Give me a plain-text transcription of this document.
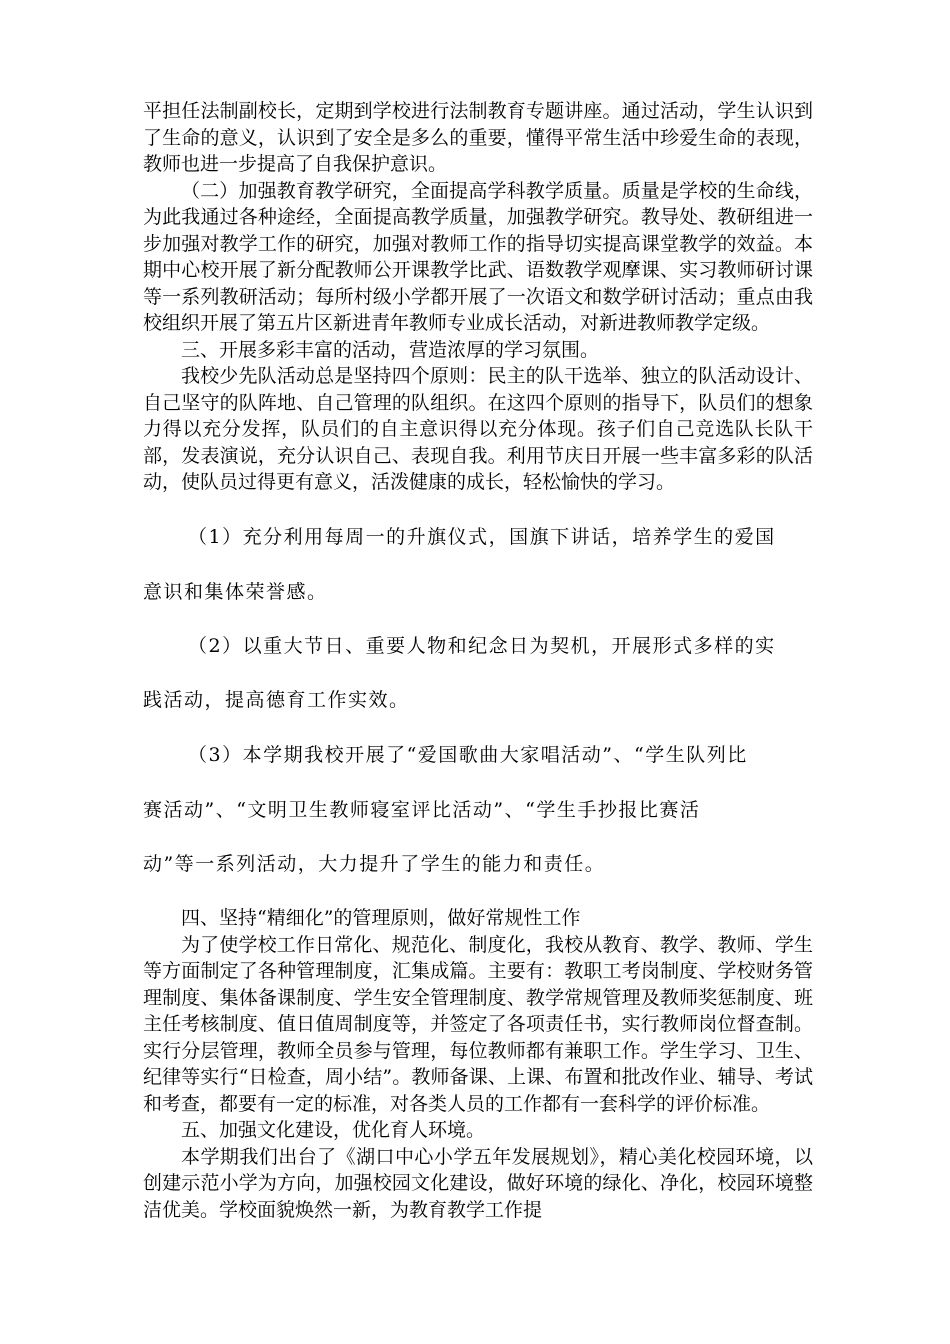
平担任法制副校长，定期到学校进行法制教育专题讲座。通过活动，学生认识到了生命的意义，认识到了安全是多么的重要，懂得平常生活中珍爱生命的表现，教师也进一步提高了自我保护意识。

（二）加强教育教学研究，全面提高学科教学质量。质量是学校的生命线，为此我通过各种途经，全面提高教学质量，加强教学研究。教导处、教研组进一步加强对教学工作的研究，加强对教师工作的指导切实提高课堂教学的效益。本期中心校开展了新分配教师公开课教学比武、语数教学观摩课、实习教师研讨课等一系列教研活动；每所村级小学都开展了一次语文和数学研讨活动；重点由我校组织开展了第五片区新进青年教师专业成长活动，对新进教师教学定级。

三、开展多彩丰富的活动，营造浓厚的学习氛围。

我校少先队活动总是坚持四个原则：民主的队干选举、独立的队活动设计、自己坚守的队阵地、自己管理的队组织。在这四个原则的指导下，队员们的想象力得以充分发挥，队员们的自主意识得以充分体现。孩子们自己竞选队长队干部，发表演说，充分认识自己、表现自我。利用节庆日开展一些丰富多彩的队活动，使队员过得更有意义，活泼健康的成长，轻松愉快的学习。

（1）充分利用每周一的升旗仪式，国旗下讲话，培养学生的爱国
意识和集体荣誉感。
（2）以重大节日、重要人物和纪念日为契机，开展形式多样的实
践活动，提高德育工作实效。
（3）本学期我校开展了“爱国歌曲大家唱活动”、“学生队列比
赛活动”、“文明卫生教师寝室评比活动”、“学生手抄报比赛活
动”等一系列活动，大力提升了学生的能力和责任。

四、坚持“精细化”的管理原则，做好常规性工作

为了使学校工作日常化、规范化、制度化，我校从教育、教学、教师、学生等方面制定了各种管理制度，汇集成篇。主要有：教职工考岗制度、学校财务管理制度、集体备课制度、学生安全管理制度、教学常规管理及教师奖惩制度、班主任考核制度、值日值周制度等，并签定了各项责任书，实行教师岗位督查制。实行分层管理，教师全员参与管理，每位教师都有兼职工作。学生学习、卫生、纪律等实行“日检查，周小结”。教师备课、上课、布置和批改作业、辅导、考试和考查，都要有一定的标准，对各类人员的工作都有一套科学的评价标准。

五、加强文化建设，优化育人环境。

本学期我们出台了《湖口中心小学五年发展规划》，精心美化校园环境，以创建示范小学为方向，加强校园文化建设，做好环境的绿化、净化，校园环境整洁优美。学校面貌焕然一新，为教育教学工作提
